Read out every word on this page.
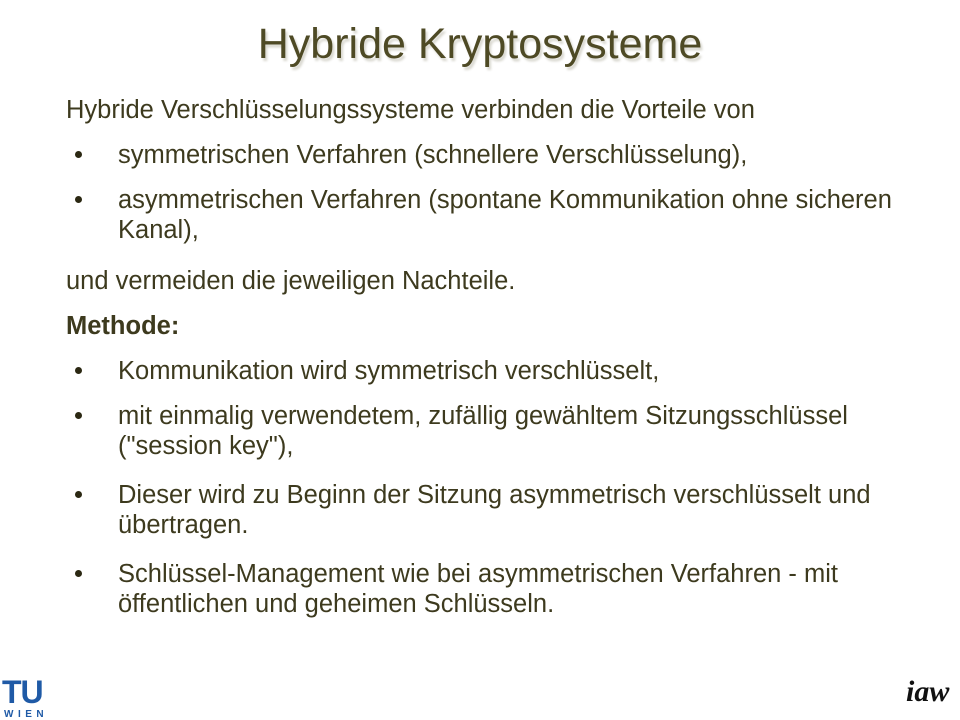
Hybride Kryptosysteme

Hybride Verschlüsselungssysteme verbinden die Vorteile von

symmetrischen Verfahren (schnellere Verschlüsselung),
asymmetrischen Verfahren (spontane Kommunikation ohne sicheren Kanal),

und vermeiden die jeweiligen Nachteile.

Methode:

Kommunikation wird symmetrisch verschlüsselt,
mit einmalig verwendetem, zufällig gewähltem Sitzungsschlüssel ("session key"),
Dieser wird zu Beginn der Sitzung asymmetrisch verschlüsselt und übertragen.
Schlüssel-Management wie bei asymmetrischen Verfahren - mit öffentlichen und geheimen Schlüsseln.
TU
WIEN
iaw
